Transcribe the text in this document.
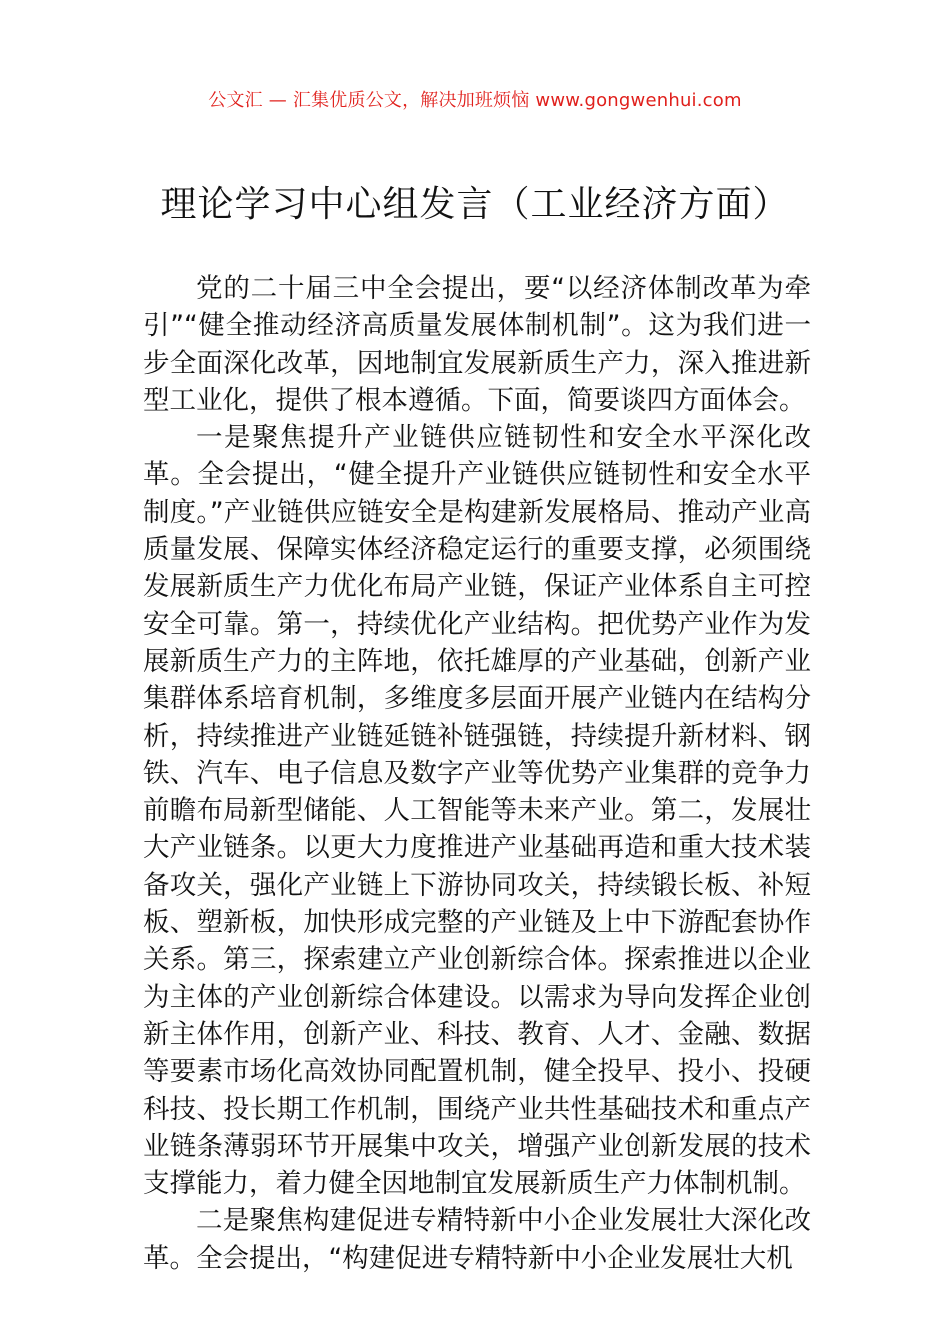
公文汇 — 汇集优质公文，解决加班烦恼 www.gongwenhui.com
理论学习中心组发言（工业经济方面）

党的二十届三中全会提出，要“以经济体制改革为牵引”“健全推动经济高质量发展体制机制”。这为我们进一步全面深化改革，因地制宜发展新质生产力，深入推进新型工业化，提供了根本遵循。下面，简要谈四方面体会。

一是聚焦提升产业链供应链韧性和安全水平深化改革。全会提出，“健全提升产业链供应链韧性和安全水平制度。”产业链供应链安全是构建新发展格局、推动产业高质量发展、保障实体经济稳定运行的重要支撑，必须围绕发展新质生产力优化布局产业链，保证产业体系自主可控安全可靠。第一，持续优化产业结构。把优势产业作为发展新质生产力的主阵地，依托雄厚的产业基础，创新产业集群体系培育机制，多维度多层面开展产业链内在结构分析，持续推进产业链延链补链强链，持续提升新材料、钢铁、汽车、电子信息及数字产业等优势产业集群的竞争力前瞻布局新型储能、人工智能等未来产业。第二，发展壮大产业链条。以更大力度推进产业基础再造和重大技术装备攻关，强化产业链上下游协同攻关，持续锻长板、补短板、塑新板，加快形成完整的产业链及上中下游配套协作关系。第三，探索建立产业创新综合体。探索推进以企业为主体的产业创新综合体建设。以需求为导向发挥企业创新主体作用，创新产业、科技、教育、人才、金融、数据等要素市场化高效协同配置机制，健全投早、投小、投硬科技、投长期工作机制，围绕产业共性基础技术和重点产业链条薄弱环节开展集中攻关，增强产业创新发展的技术支撑能力，着力健全因地制宜发展新质生产力体制机制。

二是聚焦构建促进专精特新中小企业发展壮大深化改革。全会提出，“构建促进专精特新中小企业发展壮大机
